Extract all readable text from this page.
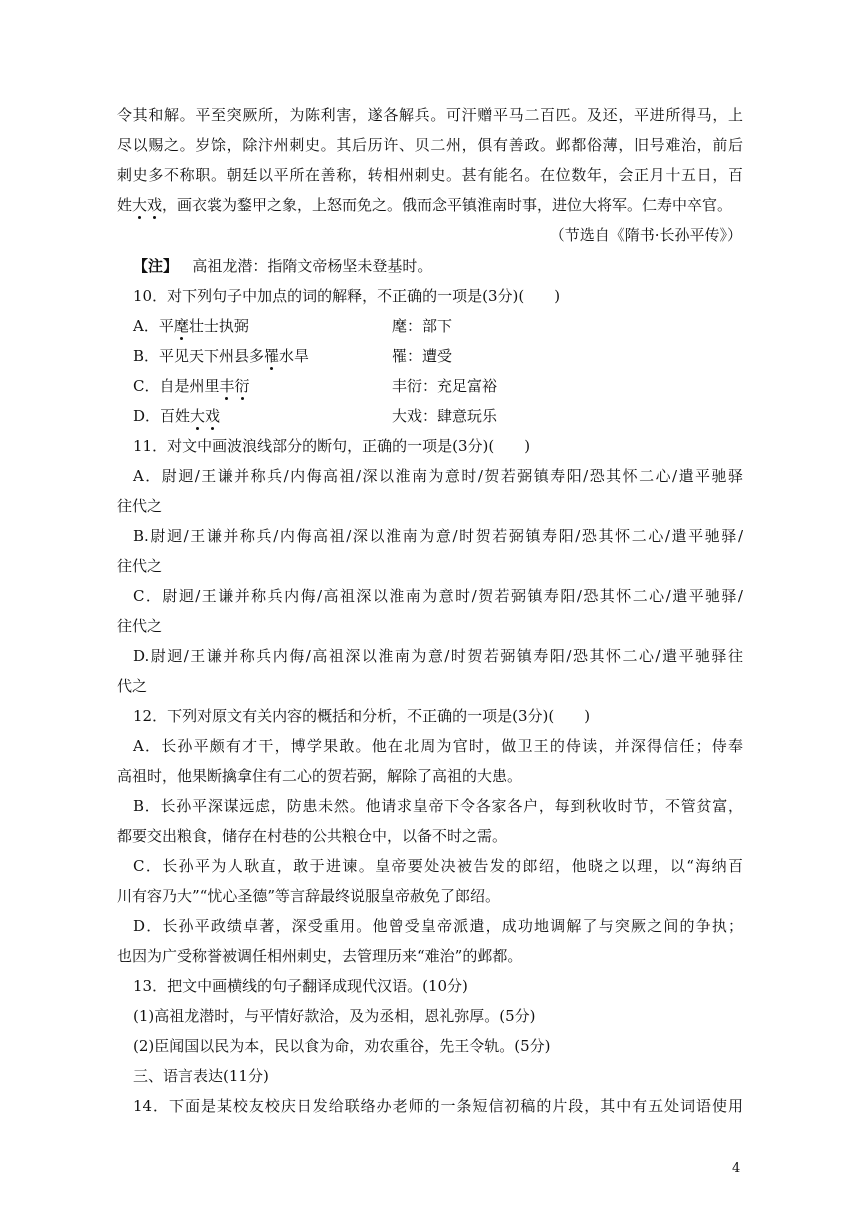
令其和解。平至突厥所，为陈利害，遂各解兵。可汗赠平马二百匹。及还，平进所得马，上
尽以赐之。岁馀，除汴州刺史。其后历许、贝二州，俱有善政。邺都俗薄，旧号难治，前后
刺史多不称职。朝廷以平所在善称，转相州刺史。甚有能名。在位数年，会正月十五日，百
姓大戏，画衣裳为鍪甲之象，上怒而免之。俄而念平镇淮南时事，进位大将军。仁寿中卒官。
（节选自《隋书·长孙平传》）
【注】 高祖龙潜：指隋文帝杨坚未登基时。
10．对下列句子中加点的词的解释，不正确的一项是(3分)(　　)
A．平麾壮士执弼	麾：部下
B．平见天下州县多罹水旱	罹：遭受
C．自是州里丰衍	丰衍：充足富裕
D．百姓大戏	大戏：肆意玩乐
11．对文中画波浪线部分的断句，正确的一项是(3分)(　　)
A．尉迥/王谦并称兵/内侮高祖/深以淮南为意时/贺若弼镇寿阳/恐其怀二心/遣平驰驿
往代之
B.尉迥/王谦并称兵/内侮高祖/深以淮南为意/时贺若弼镇寿阳/恐其怀二心/遣平驰驿/
往代之
C．尉迥/王谦并称兵内侮/高祖深以淮南为意时/贺若弼镇寿阳/恐其怀二心/遣平驰驿/
往代之
D.尉迥/王谦并称兵内侮/高祖深以淮南为意/时贺若弼镇寿阳/恐其怀二心/遣平驰驿往
代之
12．下列对原文有关内容的概括和分析，不正确的一项是(3分)(　　)
A．长孙平颇有才干，博学果敢。他在北周为官时，做卫王的侍读，并深得信任；侍奉
高祖时，他果断擒拿住有二心的贺若弼，解除了高祖的大患。
B．长孙平深谋远虑，防患未然。他请求皇帝下令各家各户，每到秋收时节，不管贫富，
都要交出粮食，储存在村巷的公共粮仓中，以备不时之需。
C．长孙平为人耿直，敢于进谏。皇帝要处决被告发的郎绍，他晓之以理，以“海纳百
川有容乃大”“忧心圣德”等言辞最终说服皇帝赦免了郎绍。
D．长孙平政绩卓著，深受重用。他曾受皇帝派遣，成功地调解了与突厥之间的争执；
也因为广受称誉被调任相州刺史，去管理历来“难治”的邺都。
13．把文中画横线的句子翻译成现代汉语。(10分)
(1)高祖龙潜时，与平情好款洽，及为丞相，恩礼弥厚。(5分)
(2)臣闻国以民为本，民以食为命，劝农重谷，先王令轨。(5分)
三、语言表达(11分)
14．下面是某校友校庆日发给联络办老师的一条短信初稿的片段，其中有五处词语使用
4
